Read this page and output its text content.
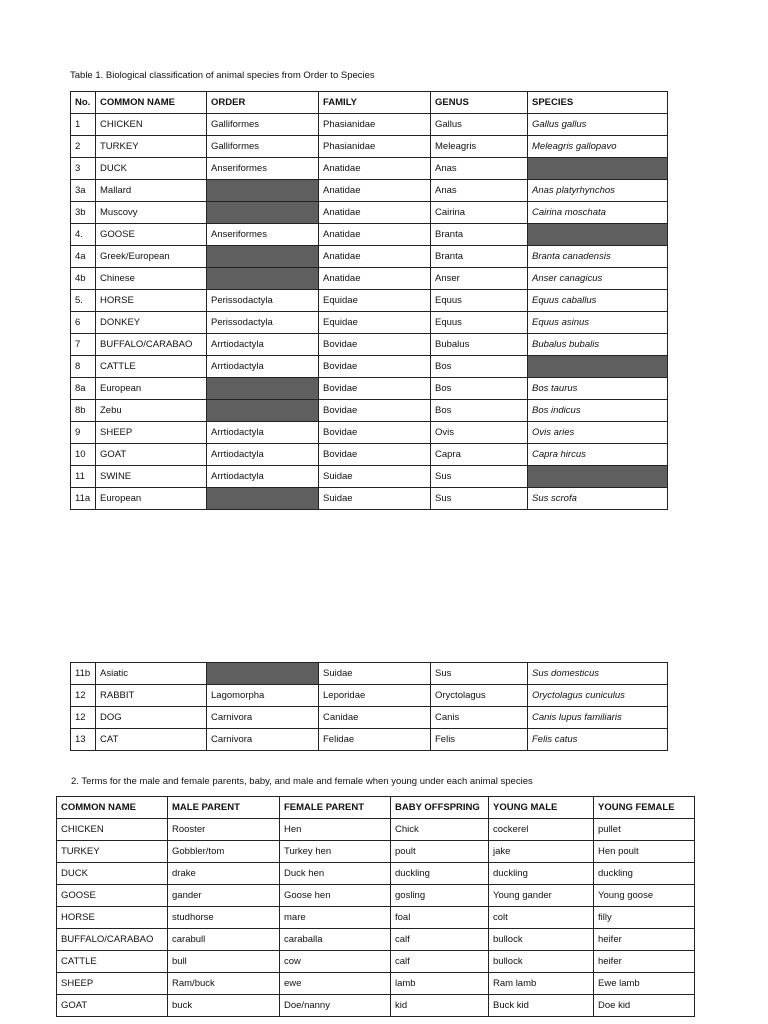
Table 1. Biological classification of animal species from Order to Species
No.	COMMON NAME	ORDER	FAMILY	GENUS	SPECIES
1	CHICKEN	Galliformes	Phasianidae	Gallus	Gallus gallus
2	TURKEY	Galliformes	Phasianidae	Meleagris	Meleagris gallopavo
3	DUCK	Anseriformes	Anatidae	Anas	
3a	Mallard		Anatidae	Anas	Anas platyrhynchos
3b	Muscovy		Anatidae	Cairina	Cairina moschata
4.	GOOSE	Anseriformes	Anatidae	Branta	
4a	Greek/European		Anatidae	Branta	Branta canadensis
4b	Chinese		Anatidae	Anser	Anser canagicus
5.	HORSE	Perissodactyla	Equidae	Equus	Equus caballus
6	DONKEY	Perissodactyla	Equidae	Equus	Equus asinus
7	BUFFALO/CARABAO	Arrtiodactyla	Bovidae	Bubalus	Bubalus bubalis
8	CATTLE	Arrtiodactyla	Bovidae	Bos	
8a	European		Bovidae	Bos	Bos taurus
8b	Zebu		Bovidae	Bos	Bos indicus
9	SHEEP	Arrtiodactyla	Bovidae	Ovis	Ovis aries
10	GOAT	Arrtiodactyla	Bovidae	Capra	Capra hircus
11	SWINE	Arrtiodactyla	Suidae	Sus	
11a	European		Suidae	Sus	Sus scrofa
11b	Asiatic		Suidae	Sus	Sus domesticus
12	RABBIT	Lagomorpha	Leporidae	Oryctolagus	Oryctolagus cuniculus
12	DOG	Carnivora	Canidae	Canis	Canis lupus familiaris
13	CAT	Carnivora	Felidae	Felis	Felis catus
2. Terms for the male and female parents, baby, and male and female when young under each animal species
COMMON NAME	MALE PARENT	FEMALE PARENT	BABY OFFSPRING	YOUNG MALE	YOUNG FEMALE
CHICKEN	Rooster	Hen	Chick	cockerel	pullet
TURKEY	Gobbler/tom	Turkey hen	poult	jake	Hen poult
DUCK	drake	Duck hen	duckling	duckling	duckling
GOOSE	gander	Goose hen	gosling	Young gander	Young goose
HORSE	studhorse	mare	foal	colt	filly
BUFFALO/CARABAO	carabull	caraballa	calf	bullock	heifer
CATTLE	bull	cow	calf	bullock	heifer
SHEEP	Ram/buck	ewe	lamb	Ram lamb	Ewe lamb
GOAT	buck	Doe/nanny	kid	Buck kid	Doe kid
